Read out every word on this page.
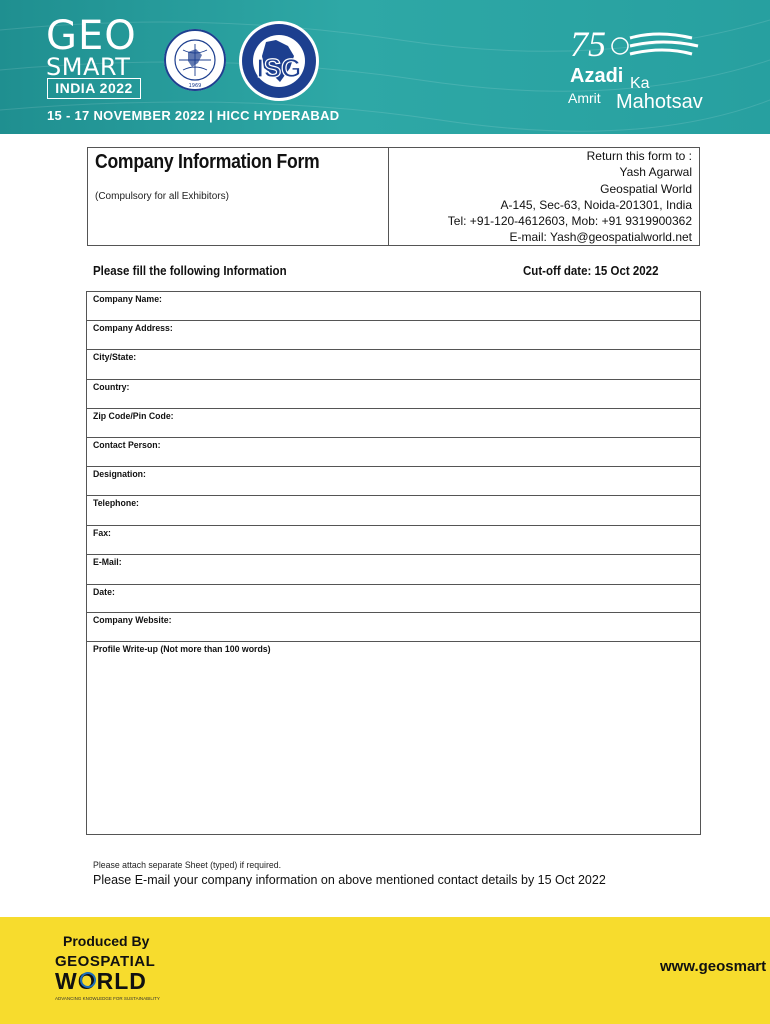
GEO
SMART
INDIA 2022
15 - 17 NOVEMBER 2022 | HICC HYDERABAD
1969
ISG
75
Azadi Ka
Amrit Mahotsav
Company Information Form
(Compulsory for all Exhibitors)
Return this form to :
Yash Agarwal
Geospatial World
A-145, Sec-63, Noida-201301, India
Tel: +91-120-4612603, Mob: +91 9319900362
E-mail: Yash@geospatialworld.net
Please fill the following Information	Cut-off date: 15 Oct 2022
Company Name:
Company Address:
City/State:
Country:
Zip Code/Pin Code:
Contact Person:
Designation:
Telephone:
Fax:
E-Mail:
Date:
Company Website:
Profile Write-up (Not more than 100 words)
Please attach separate Sheet (typed) if required.
Please E-mail your company information on above mentioned contact details by 15 Oct 2022
Produced By
GEOSPATIAL
WORLD
ADVANCING KNOWLEDGE FOR SUSTAINABILITY
www.geosmart
